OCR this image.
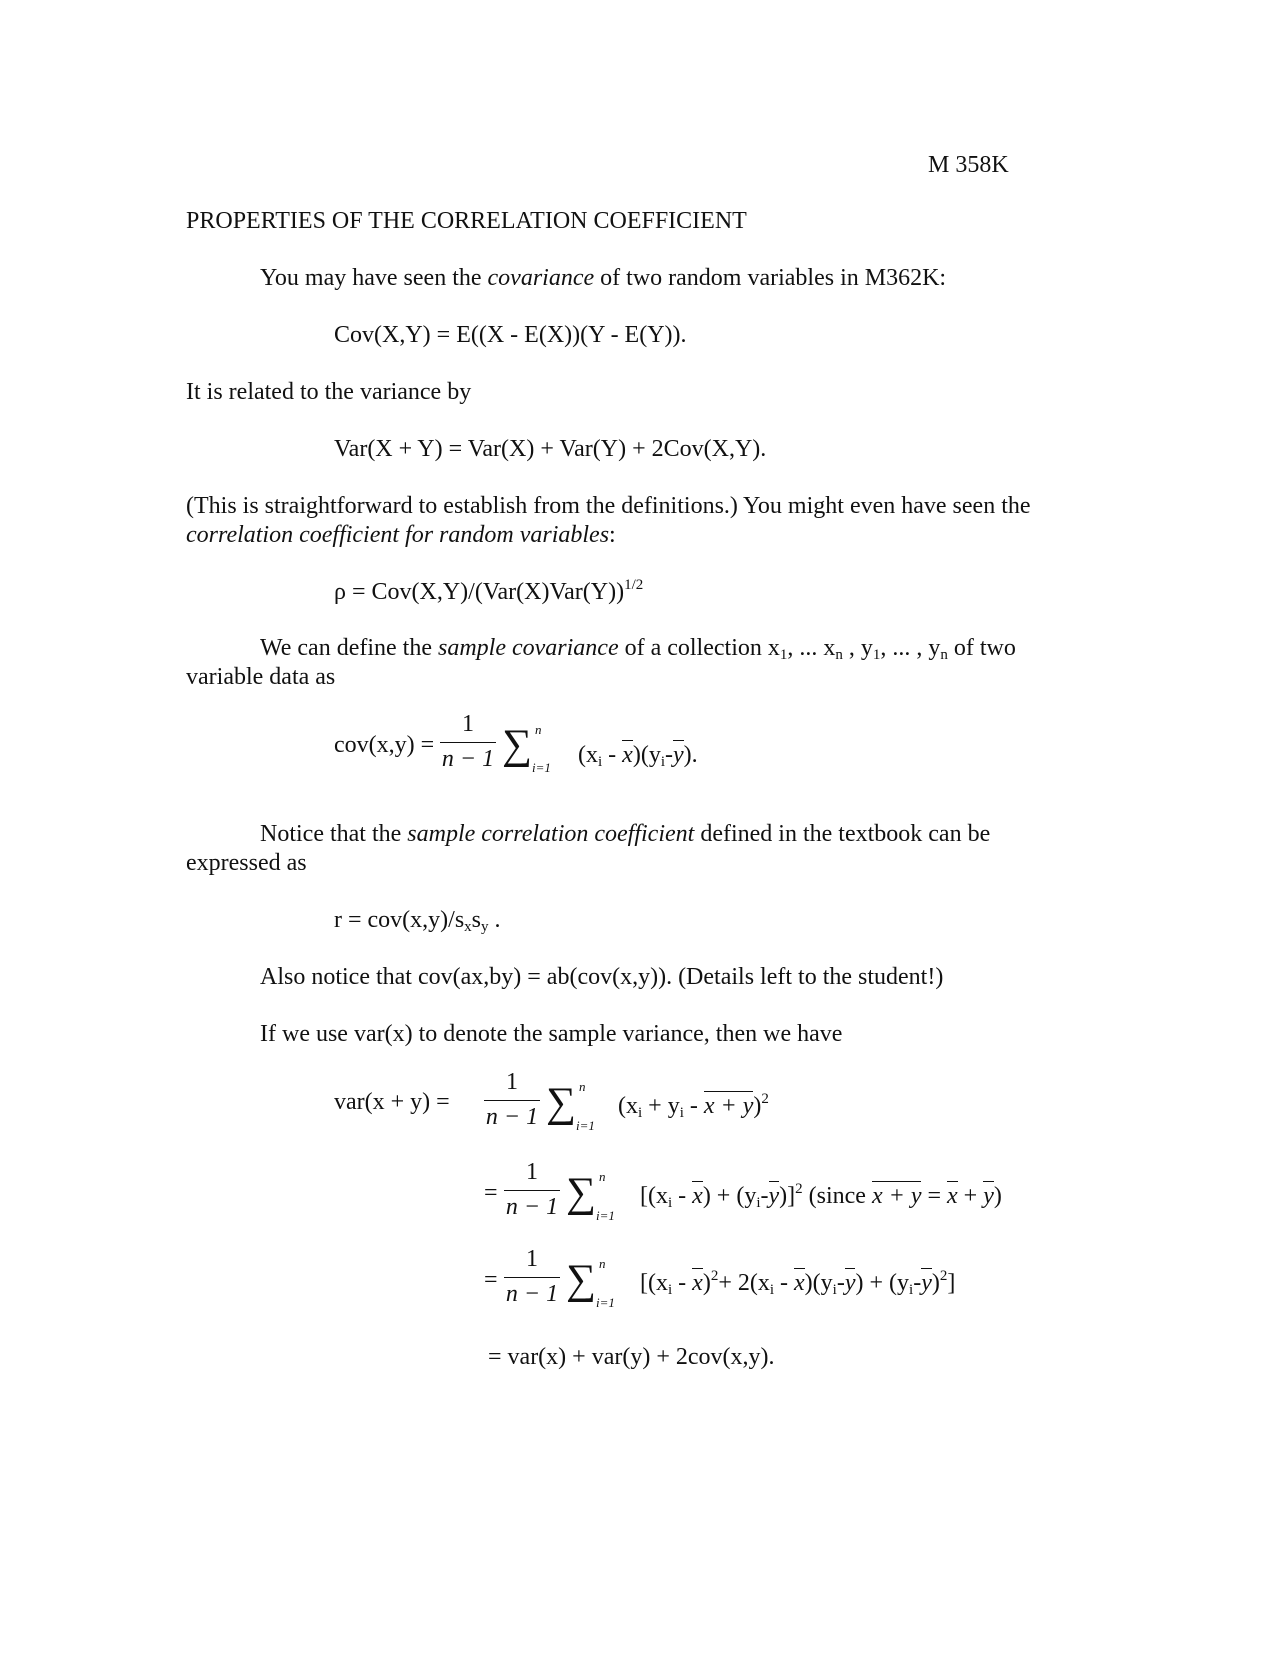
M 358K
PROPERTIES OF THE CORRELATION COEFFICIENT
You may have seen the covariance of two random variables in M362K:
Cov(X,Y) = E((X - E(X))(Y - E(Y)).
It is related to the variance by
Var(X + Y) = Var(X) + Var(Y) + 2Cov(X,Y).
(This is straightforward to establish from the definitions.) You might even have seen the
correlation coefficient for random variables:
$\rho = Cov(X,Y)/(Var(X)Var(Y))^{1/2}$
We can define the sample covariance of a collection $x_1$, ... $x_n$ , $y_1$, ... , $y_n$ of two
variable data as
cov(x,y) =
1
n − 1 ∑ n
i=1 $(x_i - x)(y_i-y)$.
Notice that the sample correlation coefficient defined in the textbook can be
expressed as
$r = cov(x,y)/s_xs_y$ .
Also notice that cov(ax,by) = ab(cov(x,y)). (Details left to the student!)
If we use var(x) to denote the sample variance, then we have
var(x + y) =
1
n − 1 ∑ n
i=1
$(x_i + y_i - x + y)^2$
=
1
n − 1 ∑ n
i=1
$[(x_i - x) + (y_i-y)]^2$ (since x + y = x + y)
=
1
n − 1 ∑ n
i=1
$[(x_i - x)^2+ 2(x_i - x)(y_i-y) + (y_i-y)^2]$
= var(x) + var(y) + 2cov(x,y).
